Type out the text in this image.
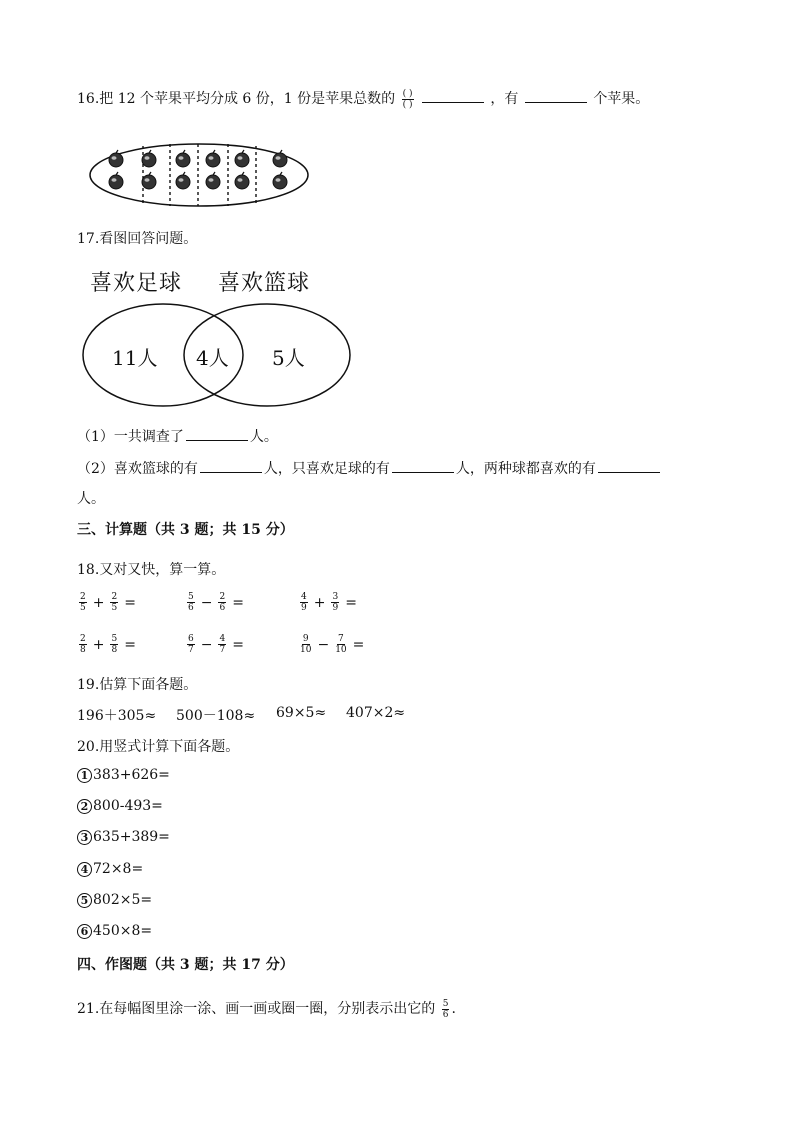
16.把 12 个苹果平均分成 6 份，1 份是苹果总数的 $\frac{( )}{( )}$	，有	个苹果。
17.看图回答问题。
喜欢足球 喜欢篮球
11人 4人 5人
（1）一共调查了	人。
（2）喜欢篮球的有	人，只喜欢足球的有	人，两种球都喜欢的有
人。
三、计算题（共 3 题；共 15 分）
18.又对又快，算一算。
$\frac{2}{5} + \frac{2}{5}$ =	$\frac{5}{6} - \frac{2}{6}$ =	$\frac{4}{9} + \frac{3}{9}$ =
$\frac{2}{8} + \frac{5}{8}$ =	$\frac{6}{7} - \frac{4}{7}$ =	$\frac{9}{10} - \frac{7}{10}$ =
19.估算下面各题。
196＋305≈ 500－108≈ 69×5≈ 407×2≈
20.用竖式计算下面各题。
1 383+626=
2 800-493=
3 635+389=
4 72×8=
5 802×5=
6 450×8=
四、作图题（共 3 题；共 17 分）
21.在每幅图里涂一涂、画一画或圈一圈，分别表示出它的 $\frac{5}{6}$ .
